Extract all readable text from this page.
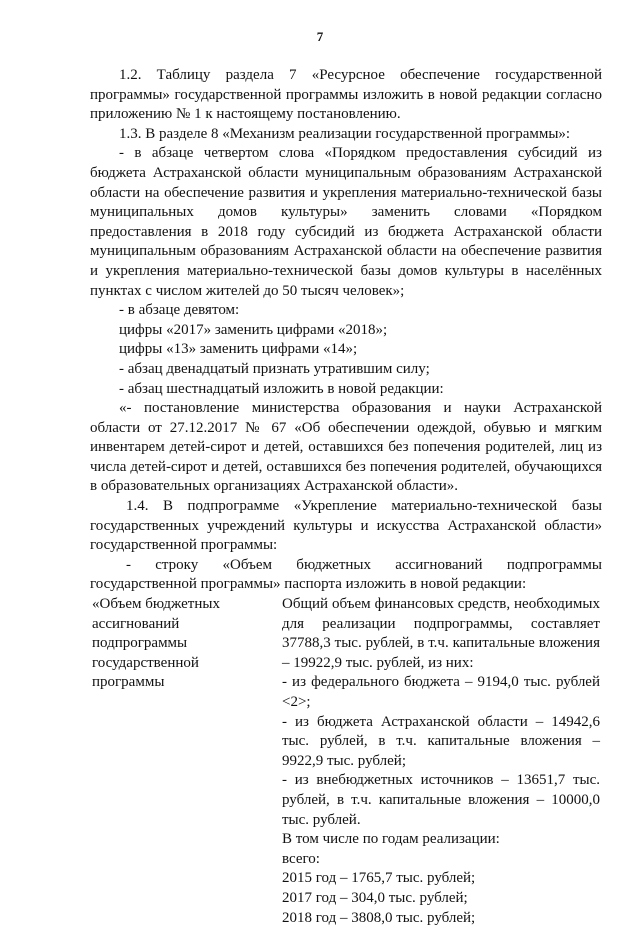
7

1.2. Таблицу раздела 7 «Ресурсное обеспечение государственной программы» государственной программы изложить в новой редакции согласно приложению № 1 к настоящему постановлению.

1.3. В разделе 8 «Механизм реализации государственной программы»:

- в абзаце четвертом слова «Порядком предоставления субсидий из бюджета Астраханской области муниципальным образованиям Астраханской области на обеспечение развития и укрепления материально-технической базы муниципальных домов культуры» заменить словами «Порядком предоставления в 2018 году субсидий из бюджета Астраханской области муниципальным образованиям Астраханской области на обеспечение развития и укрепления материально-технической базы домов культуры в населённых пунктах с числом жителей до 50 тысяч человек»;

- в абзаце девятом:

цифры «2017» заменить цифрами «2018»;

цифры «13» заменить цифрами «14»;

- абзац двенадцатый признать утратившим силу;

- абзац шестнадцатый изложить в новой редакции:

«- постановление министерства образования и науки Астраханской области от 27.12.2017 № 67 «Об обеспечении одеждой, обувью и мягким инвентарем детей-сирот и детей, оставшихся без попечения родителей, лиц из числа детей-сирот и детей, оставшихся без попечения родителей, обучающихся в образовательных организациях Астраханской области».

1.4. В подпрограмме «Укрепление материально-технической базы государственных учреждений культуры и искусства Астраханской области» государственной программы:

- строку «Объем бюджетных ассигнований подпрограммы государственной программы» паспорта изложить в новой редакции:

«Объем бюджетных ассигнований подпрограммы государственной программы

Общий объем финансовых средств, необходимых для реализации подпрограммы, составляет 37788,3 тыс. рублей, в т.ч. капитальные вложения – 19922,9 тыс. рублей, из них:

- из федерального бюджета – 9194,0 тыс. рублей <2>;

- из бюджета Астраханской области – 14942,6 тыс. рублей, в т.ч. капитальные вложения – 9922,9 тыс. рублей;

- из внебюджетных источников – 13651,7 тыс. рублей, в т.ч. капитальные вложения – 10000,0 тыс. рублей.

В том числе по годам реализации:

всего:

2015 год – 1765,7 тыс. рублей;

2017 год – 304,0 тыс. рублей;

2018 год – 3808,0 тыс. рублей;
